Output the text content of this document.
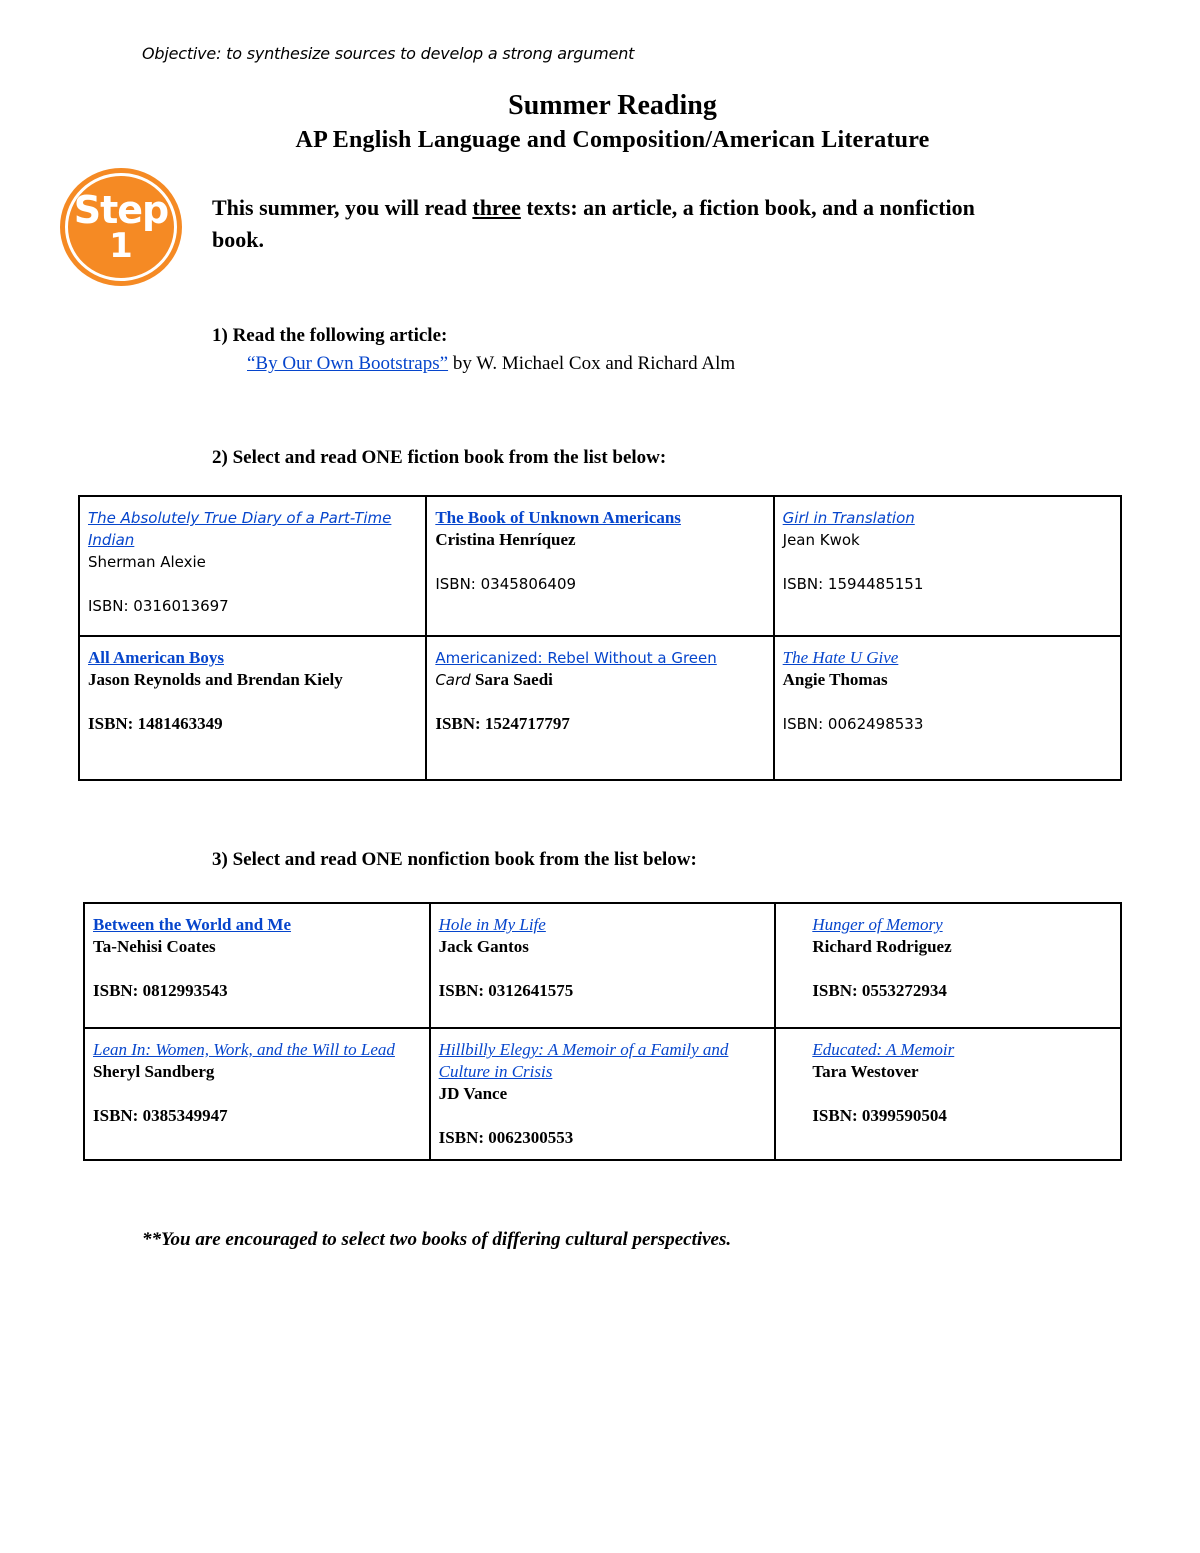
Objective: to synthesize sources to develop a strong argument
Summer Reading
AP English Language and Composition/American Literature
Step
1
This summer, you will read three texts: an article, a fiction book, and a nonfiction book.
1) Read the following article:
“By Our Own Bootstraps” by W. Michael Cox and Richard Alm
2) Select and read ONE fiction book from the list below:
The Absolutely True Diary of a Part-Time Indian
Sherman Alexie
ISBN: 0316013697	The Book of Unknown Americans
Cristina Henríquez
ISBN: 0345806409	Girl in Translation
Jean Kwok
ISBN: 1594485151

All American Boys
Jason Reynolds and Brendan Kiely
ISBN: 1481463349	Americanized: Rebel Without a Green
Card Sara Saedi
ISBN: 1524717797	The Hate U Give
Angie Thomas
ISBN: 0062498533
3) Select and read ONE nonfiction book from the list below:
Between the World and Me
Ta-Nehisi Coates
ISBN: 0812993543	Hole in My Life
Jack Gantos
ISBN: 0312641575	Hunger of Memory
Richard Rodriguez
ISBN: 0553272934

Lean In: Women, Work, and the Will to Lead
Sheryl Sandberg
ISBN: 0385349947	Hillbilly Elegy: A Memoir of a Family and Culture in Crisis
JD Vance
ISBN: 0062300553	Educated: A Memoir
Tara Westover
ISBN: 0399590504
**You are encouraged to select two books of differing cultural perspectives.
